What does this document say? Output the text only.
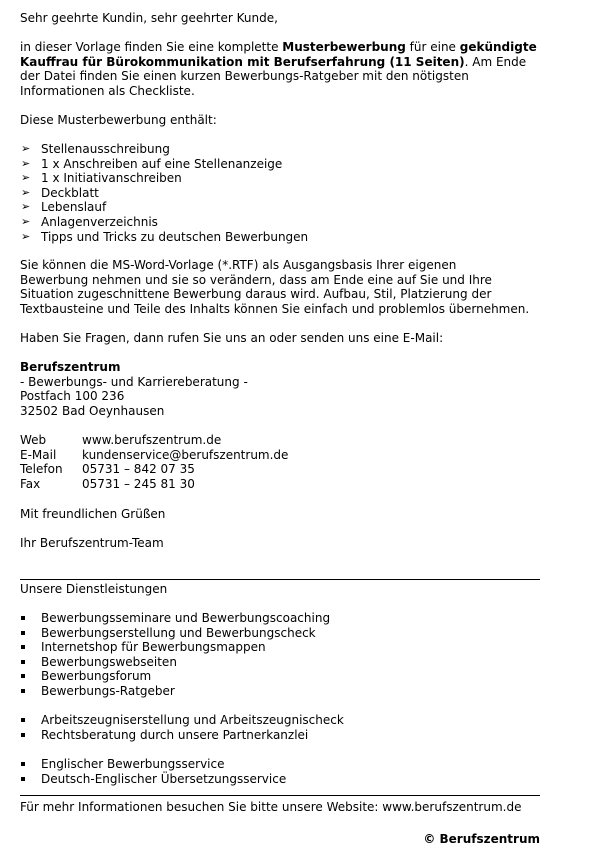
Sehr geehrte Kundin, sehr geehrter Kunde,

in dieser Vorlage finden Sie eine komplette Musterbewerbung für eine gekündigte

Kauffrau für Bürokommunikation mit Berufserfahrung (11 Seiten). Am Ende

der Datei finden Sie einen kurzen Bewerbungs-Ratgeber mit den nötigsten

Informationen als Checkliste.

Diese Musterbewerbung enthält:

➢ Stellenausschreibung
➢ 1 x Anschreiben auf eine Stellenanzeige
➢ 1 x Initiativanschreiben
➢ Deckblatt
➢ Lebenslauf
➢ Anlagenverzeichnis
➢ Tipps und Tricks zu deutschen Bewerbungen

Sie können die MS-Word-Vorlage (*.RTF) als Ausgangsbasis Ihrer eigenen

Bewerbung nehmen und sie so verändern, dass am Ende eine auf Sie und Ihre

Situation zugeschnittene Bewerbung daraus wird. Aufbau, Stil, Platzierung der

Textbausteine und Teile des Inhalts können Sie einfach und problemlos übernehmen.

Haben Sie Fragen, dann rufen Sie uns an oder senden uns eine E-Mail:

Berufszentrum

- Bewerbungs- und Karriereberatung -

Postfach 100 236

32502 Bad Oeynhausen

Web	www.berufszentrum.de
E-Mail	kundenservice@berufszentrum.de
Telefon	05731 – 842 07 35
Fax	05731 – 245 81 30

Mit freundlichen Grüßen

Ihr Berufszentrum-Team

Unsere Dienstleistungen

Bewerbungsseminare und Bewerbungscoaching
Bewerbungserstellung und Bewerbungscheck
Internetshop für Bewerbungsmappen
Bewerbungswebseiten
Bewerbungsforum
Bewerbungs-Ratgeber
Arbeitszeugniserstellung und Arbeitszeugnischeck
Rechtsberatung durch unsere Partnerkanzlei
Englischer Bewerbungsservice
Deutsch-Englischer Übersetzungsservice

Für mehr Informationen besuchen Sie bitte unsere Website: www.berufszentrum.de

© Berufszentrum
